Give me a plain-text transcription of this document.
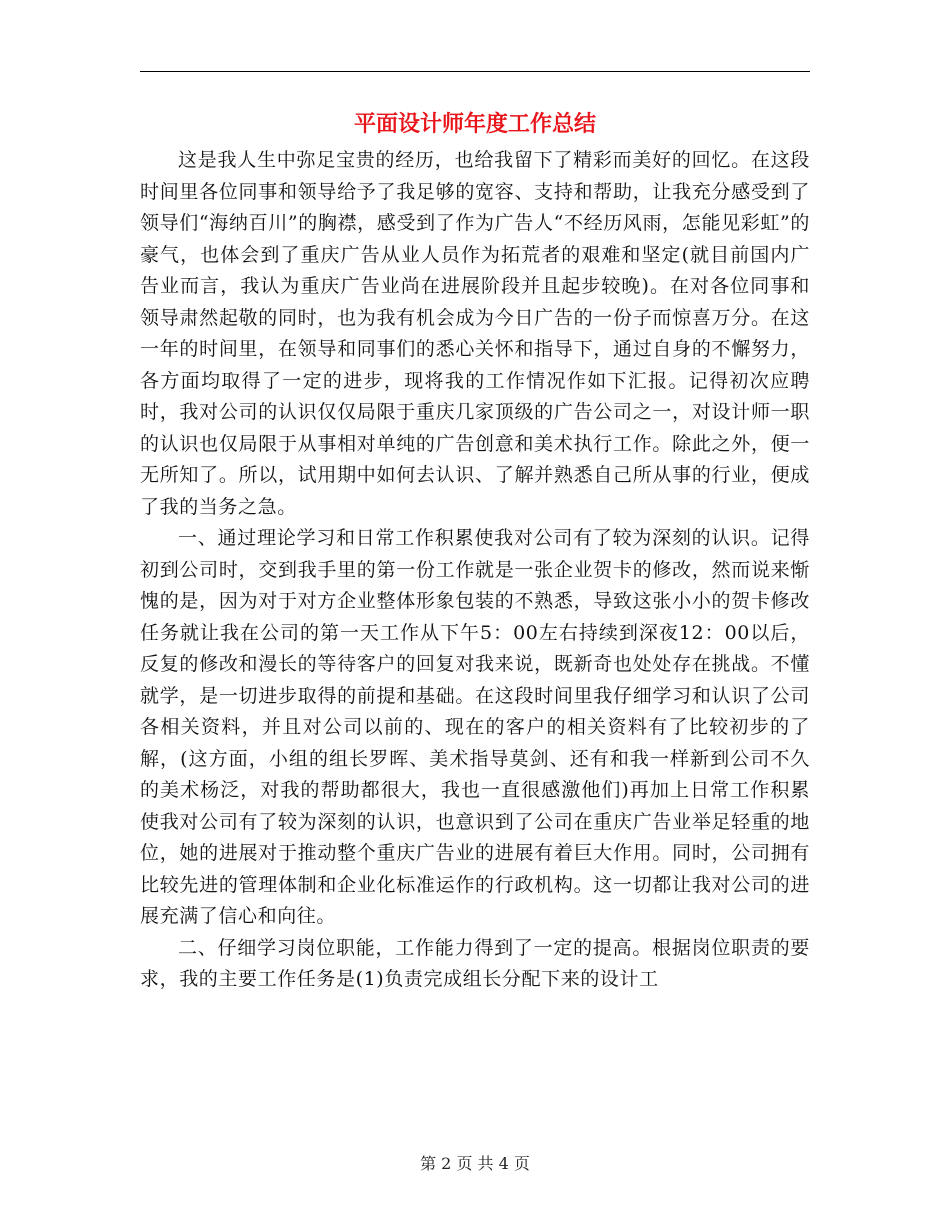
平面设计师年度工作总结

这是我人生中弥足宝贵的经历，也给我留下了精彩而美好的回忆。在这段时间里各位同事和领导给予了我足够的宽容、支持和帮助，让我充分感受到了领导们“海纳百川”的胸襟，感受到了作为广告人“不经历风雨，怎能见彩虹”的豪气，也体会到了重庆广告从业人员作为拓荒者的艰难和坚定(就目前国内广告业而言，我认为重庆广告业尚在进展阶段并且起步较晚)。在对各位同事和领导肃然起敬的同时，也为我有机会成为今日广告的一份子而惊喜万分。在这一年的时间里，在领导和同事们的悉心关怀和指导下，通过自身的不懈努力，各方面均取得了一定的进步，现将我的工作情况作如下汇报。记得初次应聘时，我对公司的认识仅仅局限于重庆几家顶级的广告公司之一，对设计师一职的认识也仅局限于从事相对单纯的广告创意和美术执行工作。除此之外，便一无所知了。所以，试用期中如何去认识、了解并熟悉自己所从事的行业，便成了我的当务之急。

一、通过理论学习和日常工作积累使我对公司有了较为深刻的认识。记得初到公司时，交到我手里的第一份工作就是一张企业贺卡的修改，然而说来惭愧的是，因为对于对方企业整体形象包装的不熟悉，导致这张小小的贺卡修改任务就让我在公司的第一天工作从下午5：00左右持续到深夜12：00以后，反复的修改和漫长的等待客户的回复对我来说，既新奇也处处存在挑战。不懂就学，是一切进步取得的前提和基础。在这段时间里我仔细学习和认识了公司各相关资料，并且对公司以前的、现在的客户的相关资料有了比较初步的了解，(这方面，小组的组长罗晖、美术指导莫剑、还有和我一样新到公司不久的美术杨泛，对我的帮助都很大，我也一直很感激他们)再加上日常工作积累使我对公司有了较为深刻的认识，也意识到了公司在重庆广告业举足轻重的地位，她的进展对于推动整个重庆广告业的进展有着巨大作用。同时，公司拥有比较先进的管理体制和企业化标准运作的行政机构。这一切都让我对公司的进展充满了信心和向往。

二、仔细学习岗位职能，工作能力得到了一定的提高。根据岗位职责的要求，我的主要工作任务是(1)负责完成组长分配下来的设计工

第 2 页 共 4 页
